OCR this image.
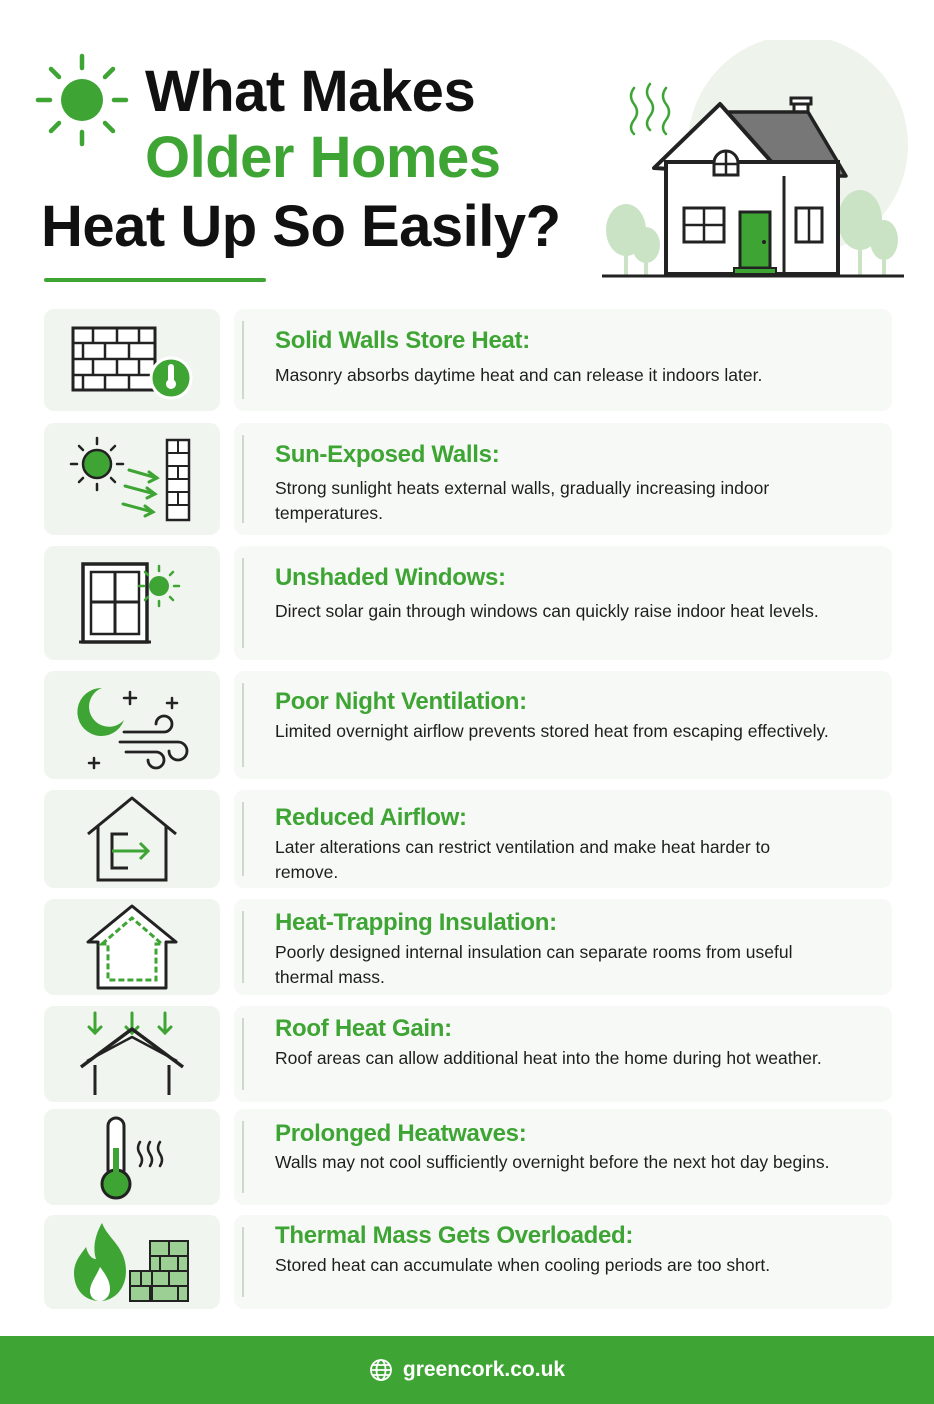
What Makes
Older Homes
Heat Up So Easily?
Solid Walls Store Heat:
Masonry absorbs daytime heat and can release it indoors later.
Sun-Exposed Walls:
Strong sunlight heats external walls, gradually increasing indoor temperatures.
Unshaded Windows:
Direct solar gain through windows can quickly raise indoor heat levels.
Poor Night Ventilation:
Limited overnight airflow prevents stored heat from escaping effectively.
Reduced Airflow:
Later alterations can restrict ventilation and make heat harder to remove.
Heat-Trapping Insulation:
Poorly designed internal insulation can separate rooms from useful thermal mass.
Roof Heat Gain:
Roof areas can allow additional heat into the home during hot weather.
Prolonged Heatwaves:
Walls may not cool sufficiently overnight before the next hot day begins.
Thermal Mass Gets Overloaded:
Stored heat can accumulate when cooling periods are too short.
greencork.co.uk
